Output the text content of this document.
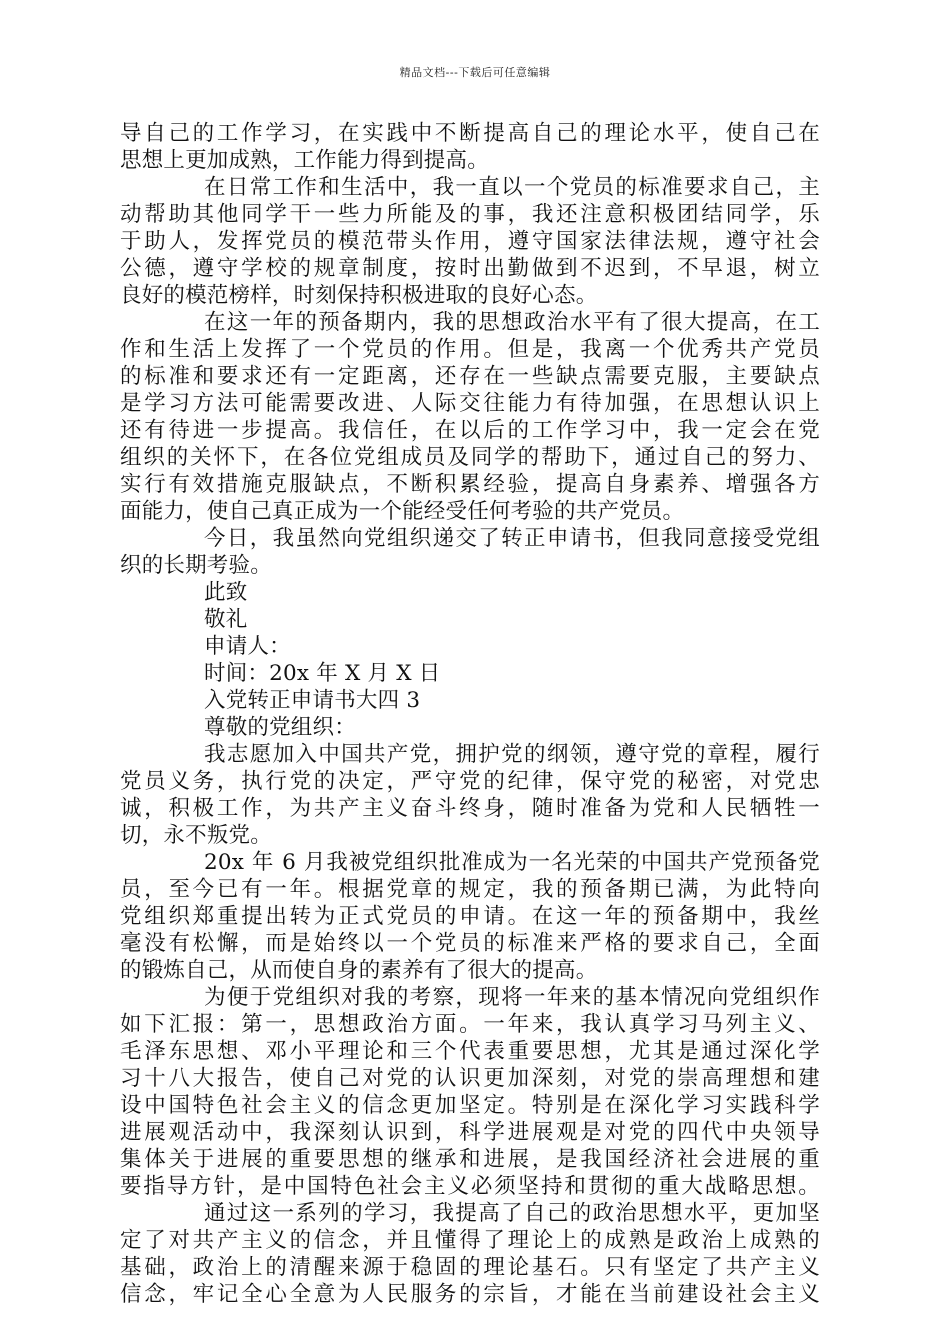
精品文档---下载后可任意编辑
导自己的工作学习，在实践中不断提高自己的理论水平，使自己在
思想上更加成熟，工作能力得到提高。
在日常工作和生活中，我一直以一个党员的标准要求自己，主
动帮助其他同学干一些力所能及的事，我还注意积极团结同学，乐
于助人，发挥党员的模范带头作用，遵守国家法律法规，遵守社会
公德，遵守学校的规章制度，按时出勤做到不迟到，不早退，树立
良好的模范榜样，时刻保持积极进取的良好心态。
在这一年的预备期内，我的思想政治水平有了很大提高，在工
作和生活上发挥了一个党员的作用。但是，我离一个优秀共产党员
的标准和要求还有一定距离，还存在一些缺点需要克服，主要缺点
是学习方法可能需要改进、人际交往能力有待加强，在思想认识上
还有待进一步提高。我信任，在以后的工作学习中，我一定会在党
组织的关怀下，在各位党组成员及同学的帮助下，通过自己的努力、
实行有效措施克服缺点，不断积累经验，提高自身素养、增强各方
面能力，使自己真正成为一个能经受任何考验的共产党员。
今日，我虽然向党组织递交了转正申请书，但我同意接受党组
织的长期考验。
此致
敬礼
申请人：
时间：20x 年 X 月 X 日
入党转正申请书大四 3
尊敬的党组织：
我志愿加入中国共产党，拥护党的纲领，遵守党的章程，履行
党员义务，执行党的决定，严守党的纪律，保守党的秘密，对党忠
诚，积极工作，为共产主义奋斗终身，随时准备为党和人民牺牲一
切，永不叛党。
20x 年 6 月我被党组织批准成为一名光荣的中国共产党预备党
员，至今已有一年。根据党章的规定，我的预备期已满，为此特向
党组织郑重提出转为正式党员的申请。在这一年的预备期中，我丝
毫没有松懈，而是始终以一个党员的标准来严格的要求自己，全面
的锻炼自己，从而使自身的素养有了很大的提高。
为便于党组织对我的考察，现将一年来的基本情况向党组织作
如下汇报：第一，思想政治方面。一年来，我认真学习马列主义、
毛泽东思想、邓小平理论和三个代表重要思想，尤其是通过深化学
习十八大报告，使自己对党的认识更加深刻，对党的崇高理想和建
设中国特色社会主义的信念更加坚定。特别是在深化学习实践科学
进展观活动中，我深刻认识到，科学进展观是对党的四代中央领导
集体关于进展的重要思想的继承和进展，是我国经济社会进展的重
要指导方针，是中国特色社会主义必须坚持和贯彻的重大战略思想。
通过这一系列的学习，我提高了自己的政治思想水平，更加坚
定了对共产主义的信念，并且懂得了理论上的成熟是政治上成熟的
基础，政治上的清醒来源于稳固的理论基石。只有坚定了共产主义
信念，牢记全心全意为人民服务的宗旨，才能在当前建设社会主义
